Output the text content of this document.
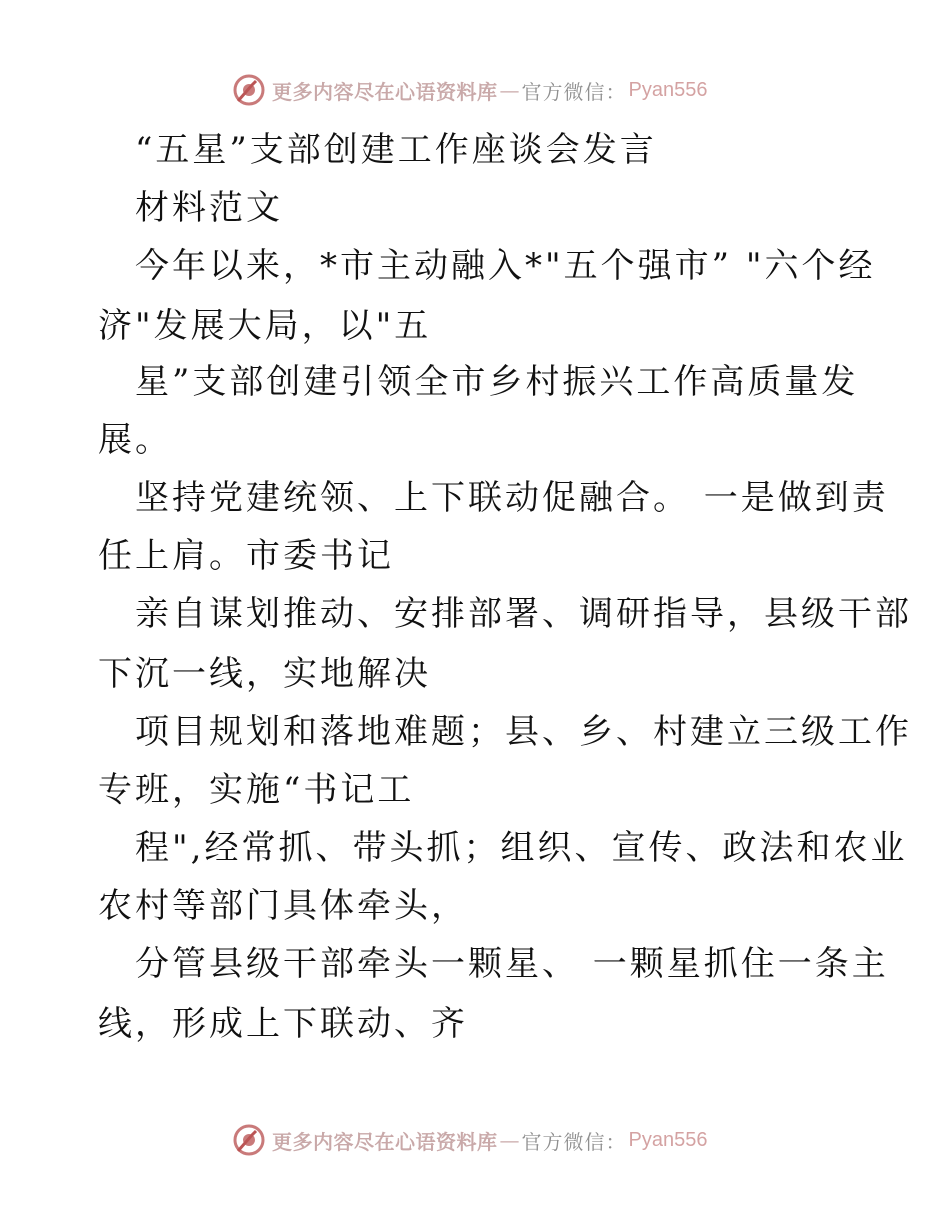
更多内容尽在心语资料库 — 官方微信： Pyan556
“五星”支部创建工作座谈会发言
材料范文
今年以来，*市主动融入*"五个强市” "六个经
济"发展大局，以"五
星”支部创建引领全市乡村振兴工作高质量发
展。
坚持党建统领、上下联动促融合。 一是做到责
任上肩。市委书记
亲自谋划推动、安排部署、调研指导，县级干部
下沉一线，实地解决
项目规划和落地难题；县、乡、村建立三级工作
专班，实施“书记工
程",经常抓、带头抓；组织、宣传、政法和农业
农村等部门具体牵头，
分管县级干部牵头一颗星、 一颗星抓住一条主
线，形成上下联动、齐
更多内容尽在心语资料库 — 官方微信： Pyan556
